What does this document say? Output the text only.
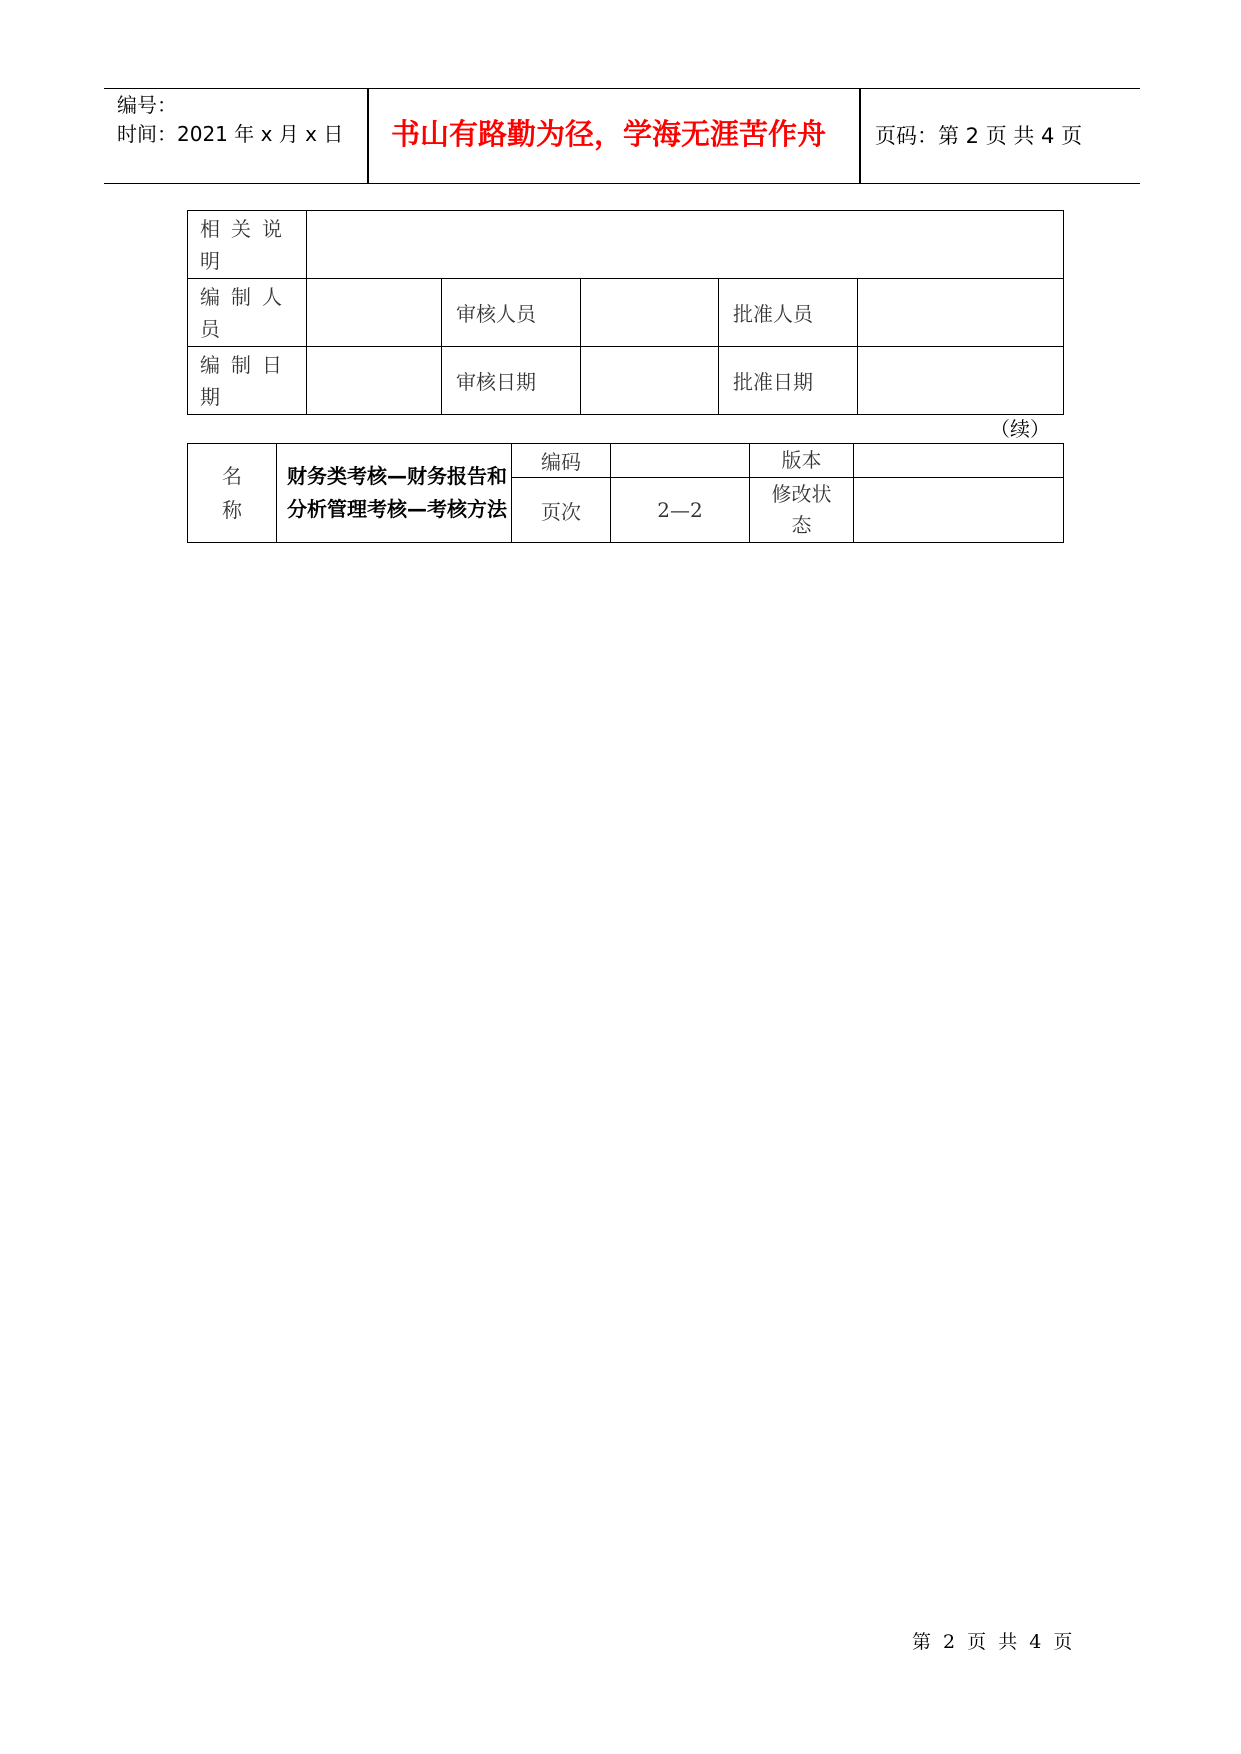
编号：
时间：2021 年 x 月 x 日 书山有路勤为径，学海无涯苦作舟 页码：第 2 页 共 4 页
相关说明					
编制人员		审核人员		批准人员	
编制日期		审核日期		批准日期	
（续）
名称	财务类考核—财务报告和分析管理考核—考核方法	编码		版本	
		页次	2—2	修改状态	
第 2 页 共 4 页
